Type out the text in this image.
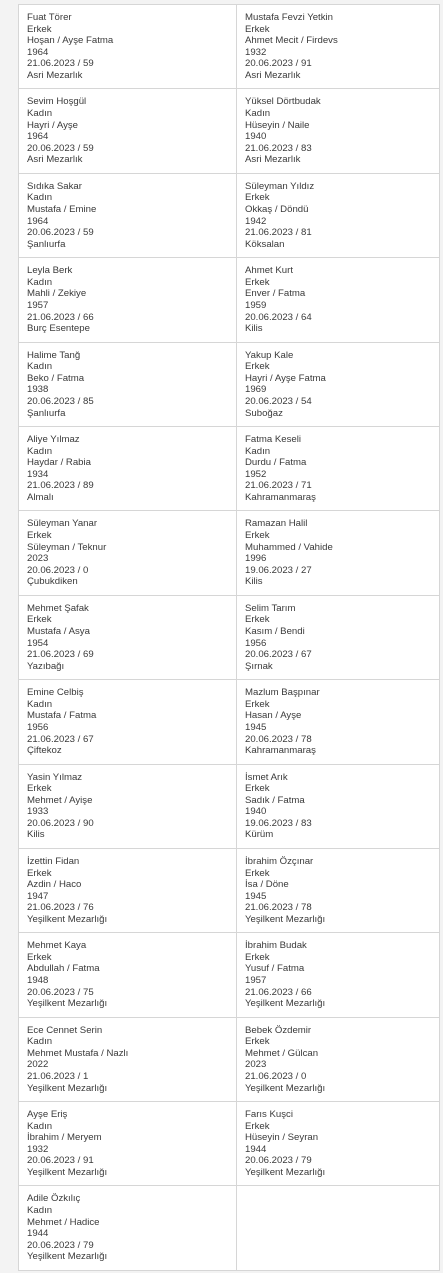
Fuat Törer
Erkek
Hoşan / Ayşe Fatma
1964
21.06.2023 / 59
Asri Mezarlık
Mustafa Fevzi Yetkin
Erkek
Ahmet Mecit / Firdevs
1932
20.06.2023 / 91
Asri Mezarlık
Sevim Hoşgül
Kadın
Hayri / Ayşe
1964
20.06.2023 / 59
Asri Mezarlık
Yüksel Dörtbudak
Kadın
Hüseyin / Naile
1940
21.06.2023 / 83
Asri Mezarlık
Sıdıka Sakar
Kadın
Mustafa / Emine
1964
20.06.2023 / 59
Şanlıurfa
Süleyman Yıldız
Erkek
Okkaş / Döndü
1942
21.06.2023 / 81
Köksalan
Leyla Berk
Kadın
Mahli / Zekiye
1957
21.06.2023 / 66
Burç Esentepe
Ahmet Kurt
Erkek
Enver / Fatma
1959
20.06.2023 / 64
Kilis
Halime Tanğ
Kadın
Beko / Fatma
1938
20.06.2023 / 85
Şanlıurfa
Yakup Kale
Erkek
Hayri / Ayşe Fatma
1969
20.06.2023 / 54
Suboğaz
Aliye Yılmaz
Kadın
Haydar / Rabia
1934
21.06.2023 / 89
Almalı
Fatma Keseli
Kadın
Durdu / Fatma
1952
21.06.2023 / 71
Kahramanmaraş
Süleyman Yanar
Erkek
Süleyman / Teknur
2023
20.06.2023 / 0
Çubukdiken
Ramazan Halil
Erkek
Muhammed / Vahide
1996
19.06.2023 / 27
Kilis
Mehmet Şafak
Erkek
Mustafa / Asya
1954
21.06.2023 / 69
Yazıbağı
Selim Tarım
Erkek
Kasım / Bendi
1956
20.06.2023 / 67
Şırnak
Emine Celbiş
Kadın
Mustafa / Fatma
1956
21.06.2023 / 67
Çiftekoz
Mazlum Başpınar
Erkek
Hasan / Ayşe
1945
20.06.2023 / 78
Kahramanmaraş
Yasin Yılmaz
Erkek
Mehmet / Ayişe
1933
20.06.2023 / 90
Kilis
İsmet Arık
Erkek
Sadık / Fatma
1940
19.06.2023 / 83
Kürüm
İzettin Fidan
Erkek
Azdin / Haco
1947
21.06.2023 / 76
Yeşilkent Mezarlığı
İbrahim Özçınar
Erkek
İsa / Döne
1945
21.06.2023 / 78
Yeşilkent Mezarlığı
Mehmet Kaya
Erkek
Abdullah / Fatma
1948
20.06.2023 / 75
Yeşilkent Mezarlığı
İbrahim Budak
Erkek
Yusuf / Fatma
1957
21.06.2023 / 66
Yeşilkent Mezarlığı
Ece Cennet Serin
Kadın
Mehmet Mustafa / Nazlı
2022
21.06.2023 / 1
Yeşilkent Mezarlığı
Bebek Özdemir
Erkek
Mehmet / Gülcan
2023
21.06.2023 / 0
Yeşilkent Mezarlığı
Ayşe Eriş
Kadın
İbrahim / Meryem
1932
20.06.2023 / 91
Yeşilkent Mezarlığı
Farıs Kuşci
Erkek
Hüseyin / Seyran
1944
20.06.2023 / 79
Yeşilkent Mezarlığı
Adile Özkılıç
Kadın
Mehmet / Hadice
1944
20.06.2023 / 79
Yeşilkent Mezarlığı
